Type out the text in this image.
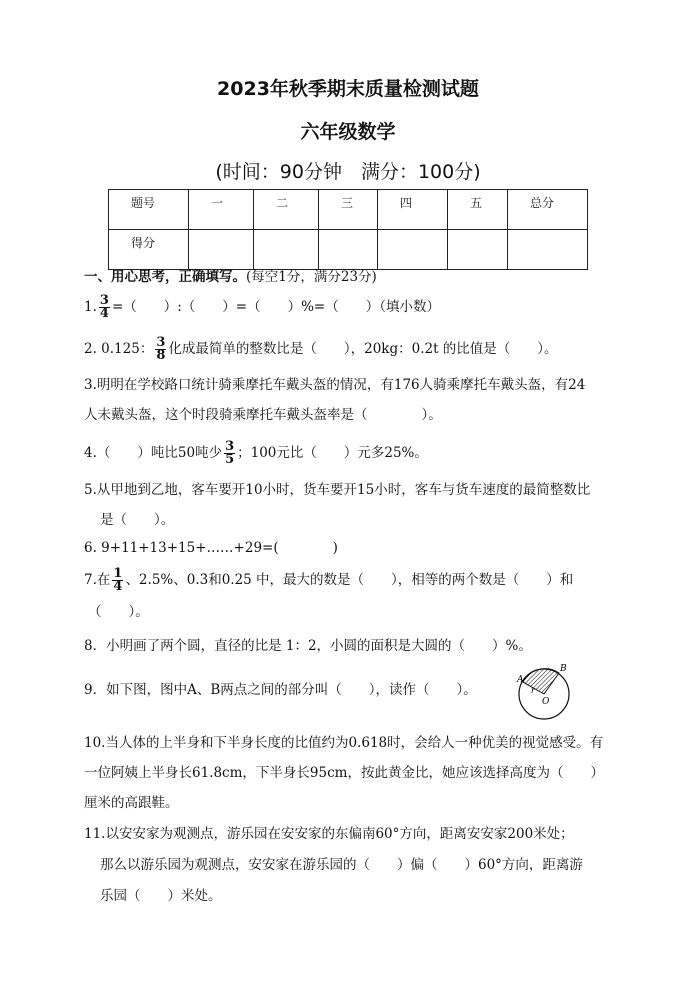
2023年秋季期末质量检测试题
六年级数学
(时间：90分钟　满分：100分)
题号	一	二	三	四	五	总分
得分						
一、用心思考，正确填写。(每空1分，满分23分)
1. $\frac{3}{4}$ =（　　）:（　　）=（　　）%=（　　）（填小数）
2. 0.125： $\frac{3}{8}$ 化成最简单的整数比是（　　），20kg：0.2t 的比值是（　　）。
3.明明在学校路口统计骑乘摩托车戴头盔的情况，有176人骑乘摩托车戴头盔，有24
人未戴头盔，这个时段骑乘摩托车戴头盔率是（　　　　）。
4.（　　）吨比50吨少 $\frac{3}{5}$ ；100元比（　　）元多25%。
5.从甲地到乙地，客车要开10小时，货车要开15小时，客车与货车速度的最简整数比
是（　　）。
6. 9+11+13+15+……+29=(　　　　)
7.在 $\frac{1}{4}$ 、2.5%、0.3̇和0.25 中，最大的数是（　　），相等的两个数是（　　）和
（　　）。
8．小明画了两个圆，直径的比是 1：2，小圆的面积是大圆的（　　）%。
9．如下图，图中A、B两点之间的部分叫（　　），读作（　　）。
A
B
O
r
10.当人体的上半身和下半身长度的比值约为0.618时，会给人一种优美的视觉感受。有
一位阿姨上半身长61.8cm，下半身长95cm，按此黄金比，她应该选择高度为（　　）
厘米的高跟鞋。
11.以安安家为观测点，游乐园在安安家的东偏南60°方向，距离安安家200米处；
那么以游乐园为观测点，安安家在游乐园的（　　）偏（　　）60°方向，距离游
乐园（　　）米处。
